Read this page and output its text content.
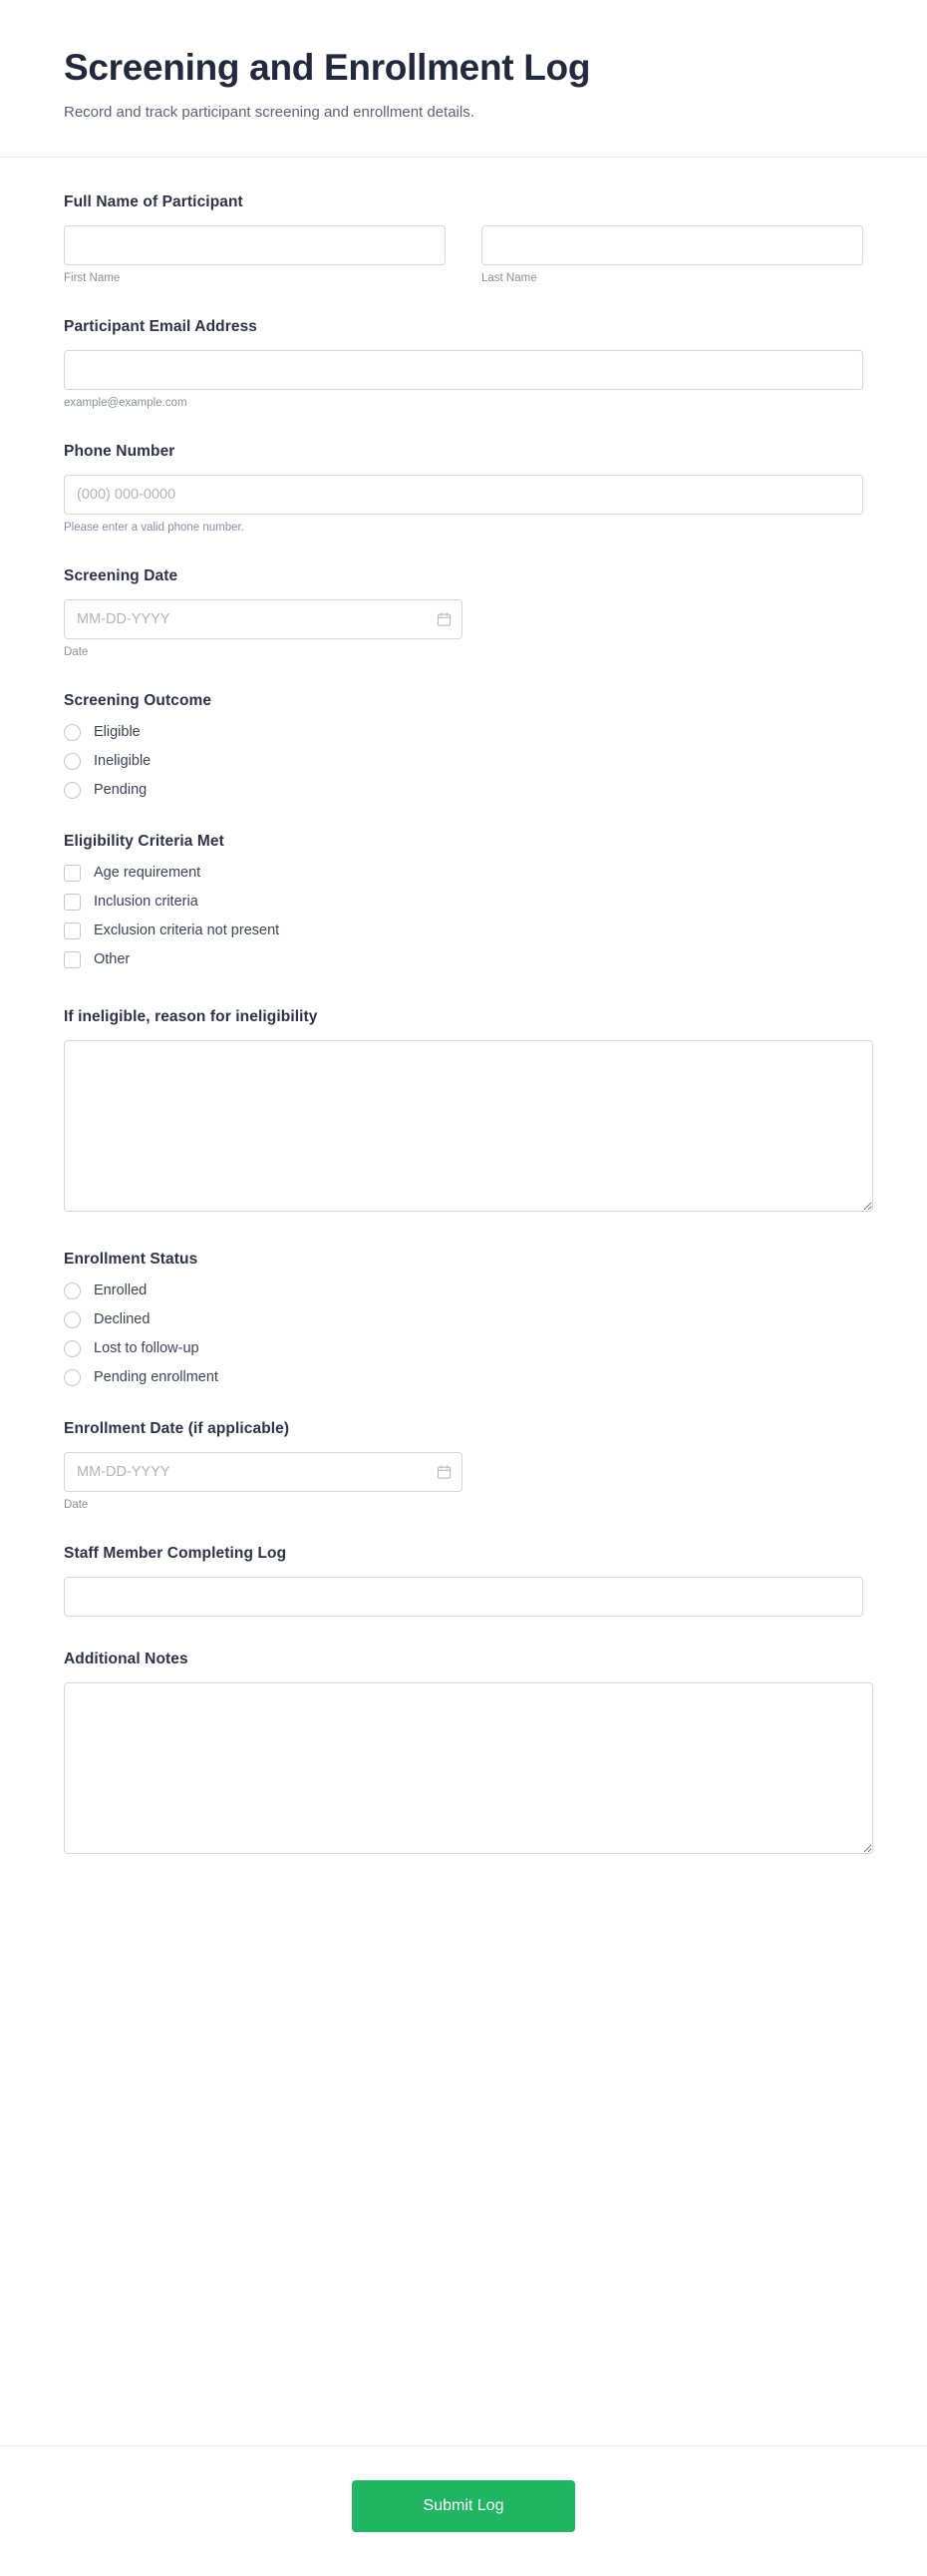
Screening and Enrollment Log

Record and track participant screening and enrollment details.

Full Name of Participant
First Name	Last Name
Participant Email Address
example@example.com
Phone Number
(000) 000-0000
Please enter a valid phone number.
Screening Date
MM-DD-YYYY
Date
Screening Outcome
Eligible
Ineligible
Pending
Eligibility Criteria Met
Age requirement
Inclusion criteria
Exclusion criteria not present
Other
If ineligible, reason for ineligibility
Enrollment Status
Enrolled
Declined
Lost to follow-up
Pending enrollment
Enrollment Date (if applicable)
MM-DD-YYYY
Date
Staff Member Completing Log
Additional Notes
Submit Log
